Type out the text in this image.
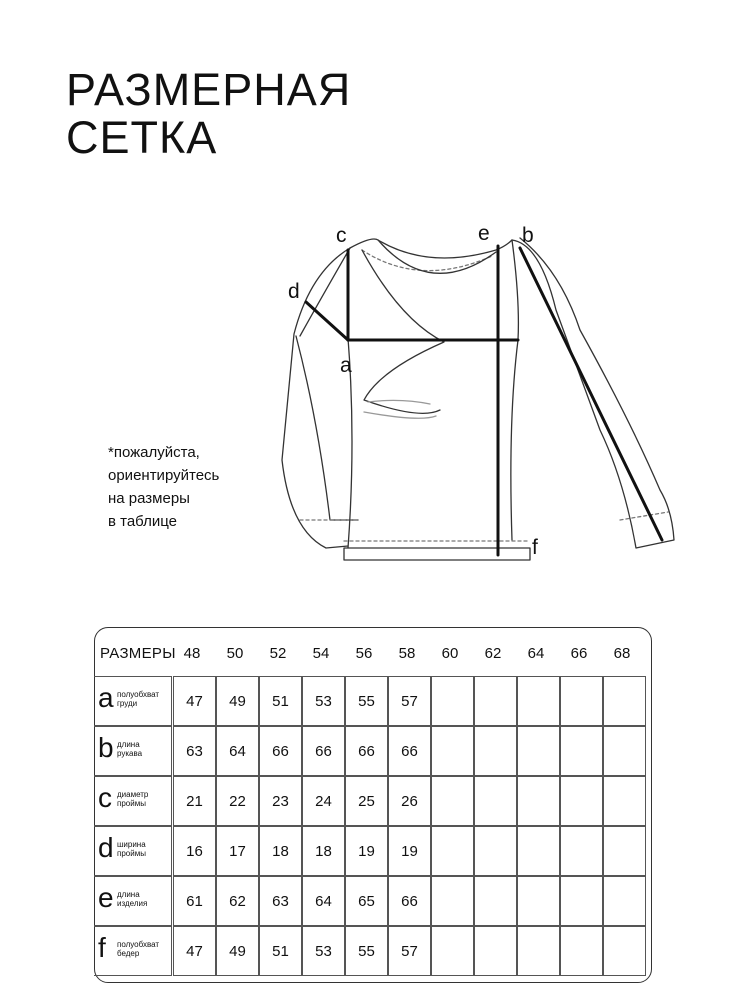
РАЗМЕРНАЯ
СЕТКА
*пожалуйста,
ориентируйтесь
на размеры
в таблице
c
d
a
e b
f
РАЗМЕРЫ 48	50	52	54	56	58	60	62	64	66	68
a полуобхват
груди	47	49	51	53	55	57
b длина
рукава	63	64	66	66	66	66
c диаметр
проймы	21	22	23	24	25	26
d ширина
проймы	16	17	18	18	19	19
e длина
изделия	61	62	63	64	65	66
f полуобхват
бедер	47	49	51	53	55	57
